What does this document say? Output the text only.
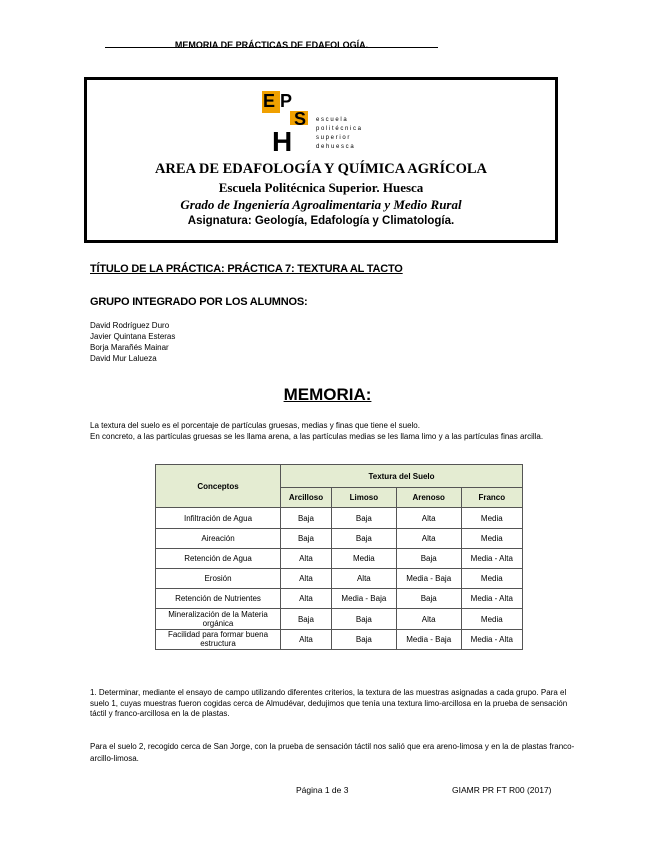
MEMORIA DE PRÁCTICAS DE EDAFOLOGÍA.
E P
S
H
e s c u e l a
p o l i t é c n i c a
s u p e r i o r
d e h u e s c a
AREA DE EDAFOLOGÍA Y QUÍMICA AGRÍCOLA
Escuela Politécnica Superior. Huesca
Grado de Ingeniería Agroalimentaria y Medio Rural
Asignatura: Geología, Edafología y Climatología.
TÍTULO DE LA PRÁCTICA: PRÁCTICA 7: TEXTURA AL TACTO
GRUPO INTEGRADO POR LOS ALUMNOS:
David Rodríguez Duro
Javier Quintana Esteras
Borja Marañés Mainar
David Mur Lalueza
MEMORIA:
La textura del suelo es el porcentaje de partículas gruesas, medias y finas que tiene el suelo.
En concreto, a las partículas gruesas se les llama arena, a las partículas medias se les llama limo y a las partículas finas arcilla.
Conceptos	Textura del Suelo			
	Arcilloso	Limoso	Arenoso	Franco
Infiltración de Agua	Baja	Baja	Alta	Media
Aireación	Baja	Baja	Alta	Media
Retención de Agua	Alta	Media	Baja	Media - Alta
Erosión	Alta	Alta	Media - Baja	Media
Retención de Nutrientes	Alta	Media - Baja	Baja	Media - Alta
Mineralización de la Materia orgánica	Baja	Baja	Alta	Media
Facilidad para formar buena estructura	Alta	Baja	Media - Baja	Media - Alta
1. Determinar, mediante el ensayo de campo utilizando diferentes criterios, la textura de las muestras asignadas a cada grupo. Para el suelo 1, cuyas muestras fueron cogidas cerca de Almudévar, dedujimos que tenía una textura limo-arcillosa en la prueba de sensación táctil y franco-arcillosa en la de plastas.
Para el suelo 2, recogido cerca de San Jorge, con la prueba de sensación táctil nos salió que era areno-limosa y en la de plastas franco-arcillo-limosa.
Página 1 de 3	GIAMR PR FT R00 (2017)
